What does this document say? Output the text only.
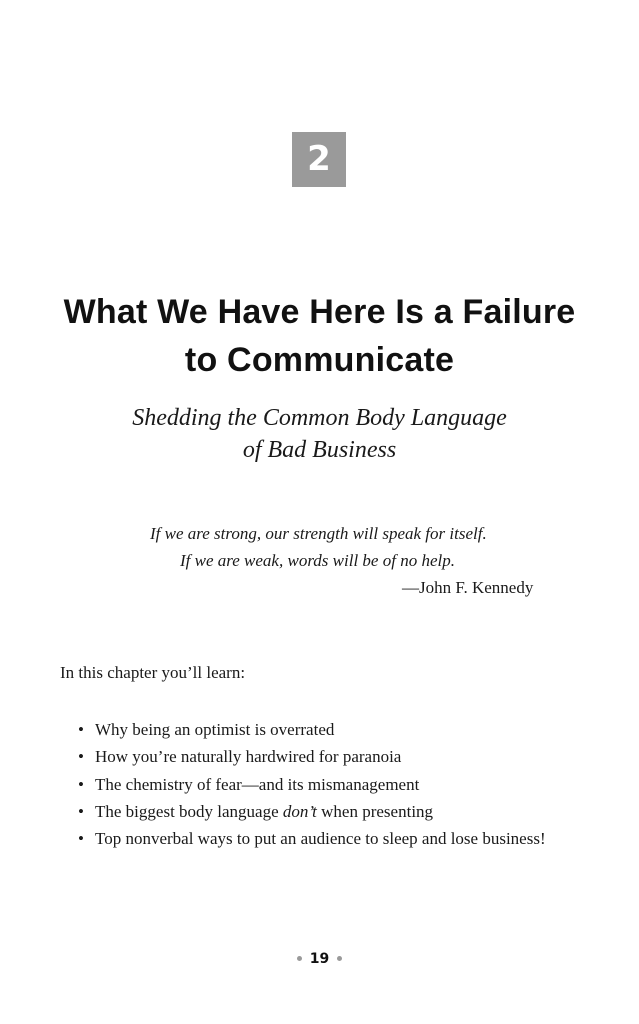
2
What We Have Here Is a Failure
to Communicate
Shedding the Common Body Language
of Bad Business
If we are strong, our strength will speak for itself.
If we are weak, words will be of no help.
—John F. Kennedy
In this chapter you’ll learn:
• Why being an optimist is overrated
• How you’re naturally hardwired for paranoia
• The chemistry of fear—and its mismanagement
• The biggest body language don’t when presenting
• Top nonverbal ways to put an audience to sleep and lose business!
19
